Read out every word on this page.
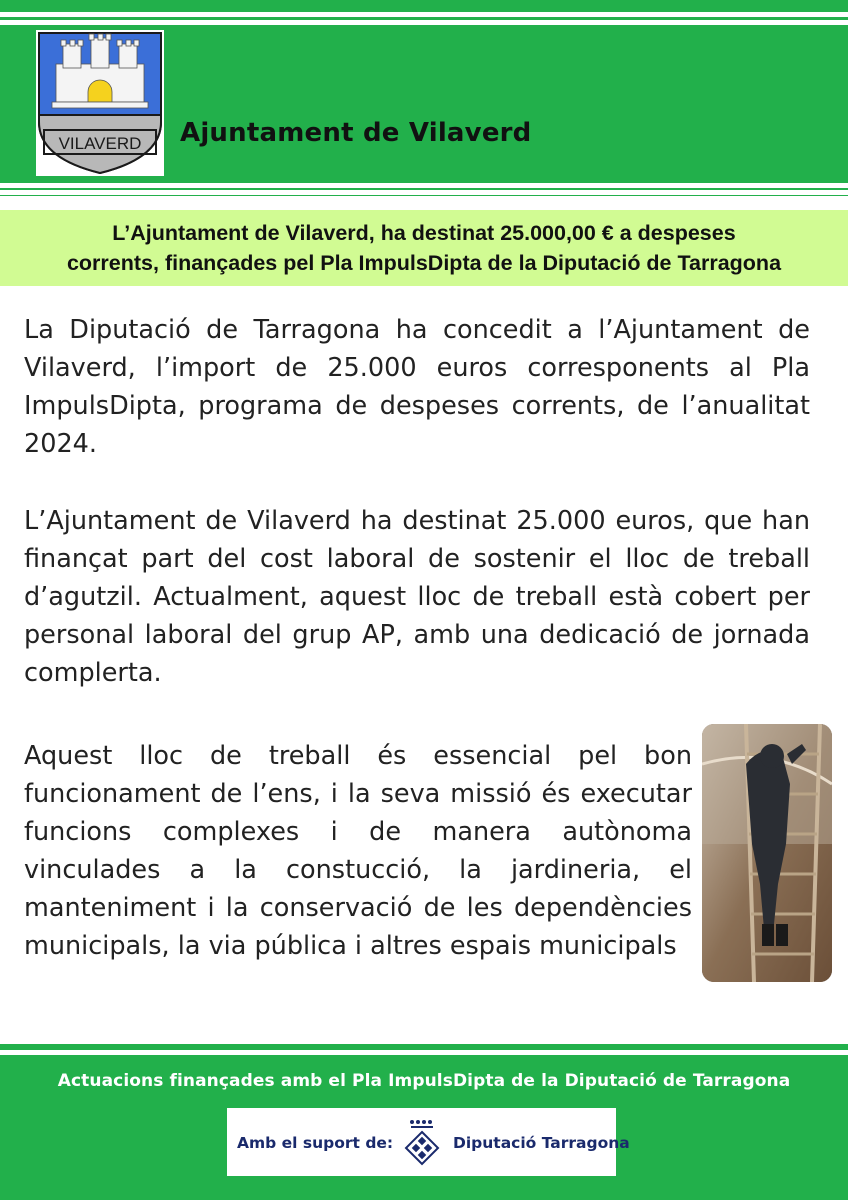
VILAVERD Ajuntament de Vilaverd
L’Ajuntament de Vilaverd, ha destinat 25.000,00 € a despeses
corrents, finançades pel Pla ImpulsDipta de la Diputació de Tarragona
La Diputació de Tarragona ha concedit a l’Ajuntament de Vilaverd, l’import de 25.000 euros corresponents al Pla ImpulsDipta, programa de despeses corrents, de l’anualitat 2024.
L’Ajuntament de Vilaverd ha destinat 25.000 euros, que han finançat part del cost laboral de sostenir el lloc de treball d’agutzil. Actualment, aquest lloc de treball està cobert per personal laboral del grup AP, amb una dedicació de jornada complerta.
Aquest lloc de treball és essencial pel bon funcionament de l’ens, i la seva missió és executar funcions complexes i de manera autònoma vinculades a la constucció, la jardineria, el manteniment i la conservació de les dependències municipals, la via pública i altres espais municipals
Actuacions finançades amb el Pla ImpulsDipta de la Diputació de Tarragona
Amb el suport de:	Diputació Tarragona
